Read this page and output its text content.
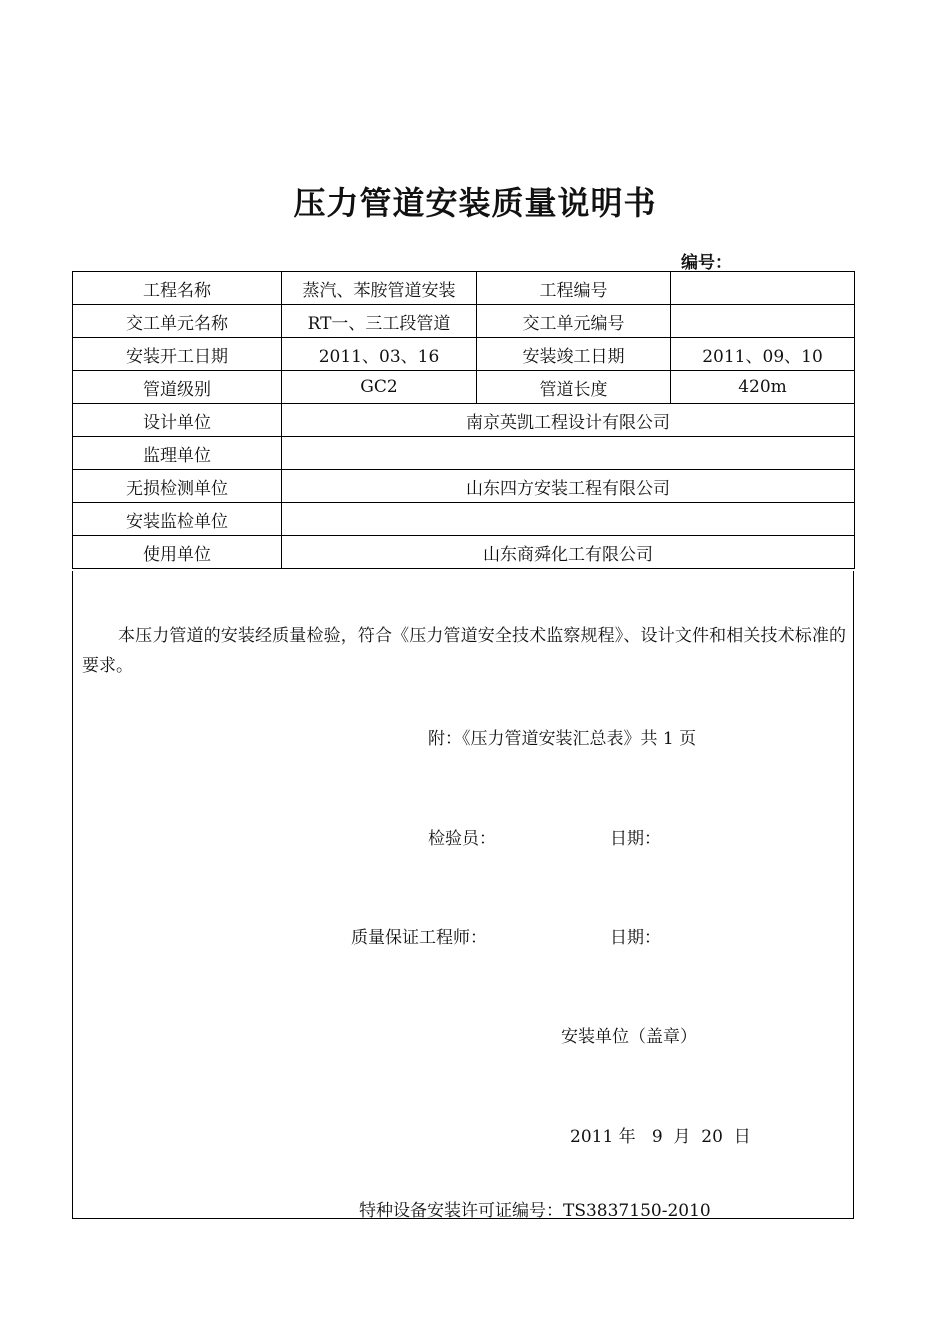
压力管道安装质量说明书
编号：
工程名称	蒸汽、苯胺管道安装	工程编号	
交工单元名称	RT一、三工段管道	交工单元编号	
安装开工日期	2011、03、16	安装竣工日期	2011、09、10
管道级别	GC2	管道长度	420m
设计单位	南京英凯工程设计有限公司		
监理单位			
无损检测单位	山东四方安装工程有限公司		
安装监检单位			
使用单位	山东商舜化工有限公司		
本压力管道的安装经质量检验，符合《压力管道安全技术监察规程》、设计文件和相关技术标准的要求。
附：《压力管道安装汇总表》共 1 页
检验员：	日期：
质量保证工程师：	日期：
安装单位（盖章）
2011 年   9  月  20  日
特种设备安装许可证编号：TS3837150-2010
